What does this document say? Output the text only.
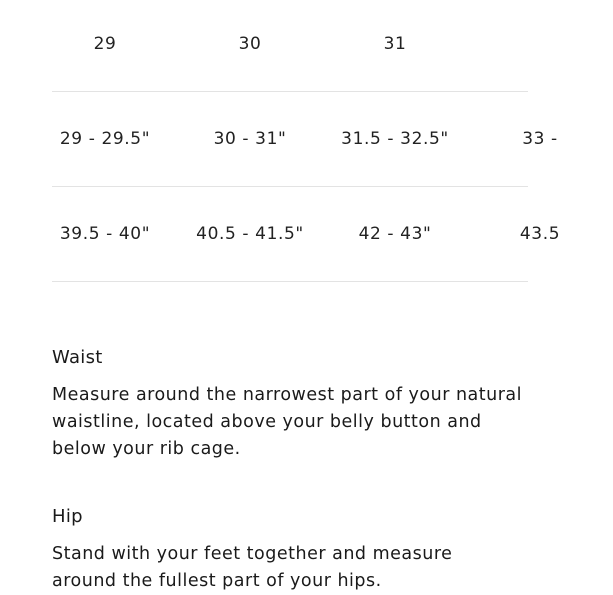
29	30	31
29 - 29.5"	30 - 31"	31.5 - 32.5"	33 -
39.5 - 40"	40.5 - 41.5"	42 - 43"	43.5
Waist

Measure around the narrowest part of your natural waistline, located above your belly button and below your rib cage.

Hip

Stand with your feet together and measure around the fullest part of your hips.
